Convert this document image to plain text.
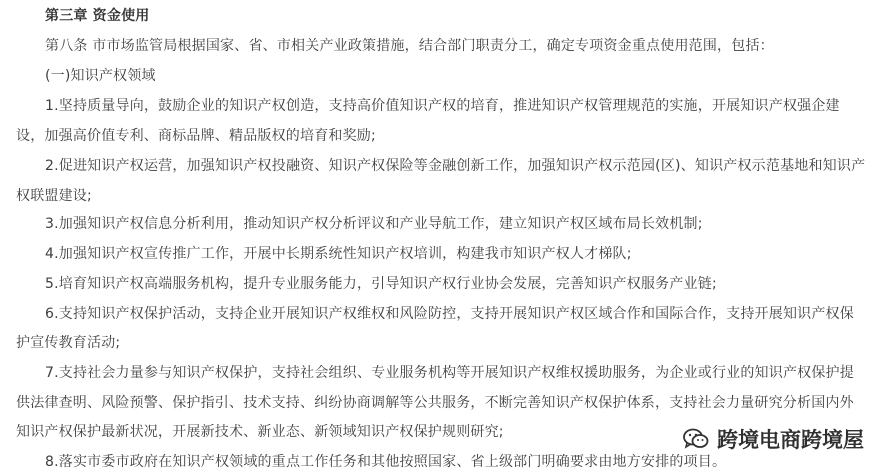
第三章 资金使用
第八条 市市场监管局根据国家、省、市相关产业政策措施，结合部门职责分工，确定专项资金重点使用范围，包括：
(一)知识产权领域
1.坚持质量导向，鼓励企业的知识产权创造，支持高价值知识产权的培育，推进知识产权管理规范的实施，开展知识产权强企建
设，加强高价值专利、商标品牌、精品版权的培育和奖励;
2.促进知识产权运营，加强知识产权投融资、知识产权保险等金融创新工作，加强知识产权示范园(区)、知识产权示范基地和知识产
权联盟建设;
3.加强知识产权信息分析利用，推动知识产权分析评议和产业导航工作，建立知识产权区域布局长效机制;
4.加强知识产权宣传推广工作，开展中长期系统性知识产权培训，构建我市知识产权人才梯队;
5.培育知识产权高端服务机构，提升专业服务能力，引导知识产权行业协会发展，完善知识产权服务产业链;
6.支持知识产权保护活动，支持企业开展知识产权维权和风险防控，支持开展知识产权区域合作和国际合作，支持开展知识产权保
护宣传教育活动;
7.支持社会力量参与知识产权保护，支持社会组织、专业服务机构等开展知识产权维权援助服务，为企业或行业的知识产权保护提
供法律查明、风险预警、保护指引、技术支持、纠纷协商调解等公共服务，不断完善知识产权保护体系，支持社会力量研究分析国内外
知识产权保护最新状况，开展新技术、新业态、新领域知识产权保护规则研究;
8.落实市委市政府在知识产权领域的重点工作任务和其他按照国家、省上级部门明确要求由地方安排的项目。
跨境电商跨境屋
